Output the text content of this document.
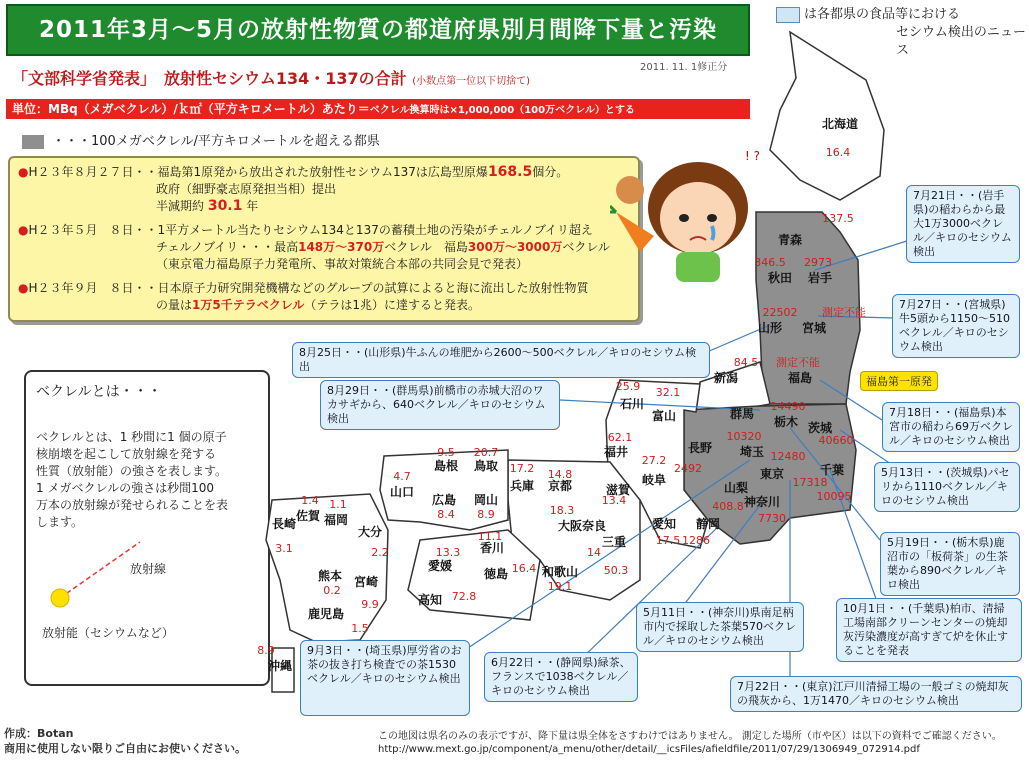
2011年3月〜5月の放射性物質の都道府県別月間降下量と汚染
は各都県の食品等における
セシウム検出のニュース
2011. 11. 1修正分
「文部科学省発表」　放射性セシウム134・137の合計 (小数点第一位以下切捨て)
単位：MBq（メガベクレル）/ｋ㎡（平方キロメートル）あたり＝ベクレル換算時は×1,000,000（100万ベクレル）とする
・・・100メガベクレル/平方キロメートルを超える都県
●H２３年８月２７日・・福島第1原発から放出された放射性セシウム137は広島型原爆168.5個分。
政府（細野豪志原発担当相）提出
半減期約 30.1 年
●H２３年５月　８日・・1平方メートル当たりセシウム134と137の蓄積土地の汚染がチェルノブイリ超え
チェルノブイリ・・・最高148万〜370万ベクレル　福島300万〜3000万ベクレル
（東京電力福島原子力発電所、事故対策統合本部の共同会見で発表）
●H２３年９月　８日・・日本原子力研究開発機構などのグループの試算によると海に流出した放射性物質
の量は1万5千テラベクレル（テラは1兆）に達すると発表。
! ?
ベクレルとは・・・
ベクレルとは、1 秒間に1 個の原子
核崩壊を起こして放射線を発する
性質（放射能）の強さを表します。
1 メガベクレルの強さは秒間100
万本の放射線が発せられることを表
します。
放射線
放射能（セシウムなど）
北海道
16.4
青森
137.5
秋田
346.5
岩手
2973
山形
22502
宮城
測定不能
新潟
84.5
福島
測定不能
石川
25.9
富山
32.1
群馬
10320
栃木
14490
茨城
40660
福井
62.1
長野
2492
埼玉 12480
東京
17318
千葉
10095
山梨
408.8 神奈川
7730
岐阜
27.2
静岡
1286
愛知
17.5
三重
50.3
滋賀
13.4
京都
14.8
奈良
14
大阪
18.3
和歌山
19.1
兵庫
17.2
鳥取
20.7
岡山
8.9
島根
9.5
広島
8.4
山口
4.7
香川
11.1
徳島 16.4
愛媛
13.3
高知 72.8
福岡
1.1
佐賀
1.4
長崎
3.1
大分
2.2
熊本
0.2
宮崎
9.9
鹿児島
1.5
沖縄
8.9
福島第一原発
7月21日・・(岩手県)の稲わらから最大1万3000ベクレル／キロのセシウム検出
7月27日・・(宮城県)牛5頭から1150〜510ベクレル／キロのセシウム検出
8月25日・・(山形県)牛ふんの堆肥から2600〜500ベクレル／キロのセシウム検出
8月29日・・(群馬県)前橋市の赤城大沼のワカサギから、640ベクレル／キロのセシウム検出	7月18日・・(福島県)本宮市の稲わら69万ベクレル／キロのセシウム検出
5月13日・・(茨城県)パセリから1110ベクレル／キロのセシウム検出
5月19日・・(栃木県)鹿沼市の「板荷茶」の生茶葉から890ベクレル／キロ検出
10月1日・・(千葉県)柏市、清掃工場南部クリーンセンターの焼却灰汚染濃度が高すぎて炉を休止することを発表
5月11日・・(神奈川)県南足柄市内で採取した茶葉570ベクレル／キロのセシウム検出
6月22日・・(静岡県)緑茶、フランスで1038ベクレル／キロのセシウム検出
9月3日・・(埼玉県)厚労省のお茶の抜き打ち検査での茶1530ベクレル／キロのセシウム検出
7月22日・・(東京)江戸川清掃工場の一般ゴミの焼却灰の飛灰から、1万1470／キロのセシウム検出
作成：Botan
商用に使用しない限りご自由にお使いください。
この地図は県名のみの表示ですが、降下量は県全体をさすわけではありません。 測定した場所（市や区）は以下の資料でご確認ください。
http://www.mext.go.jp/component/a_menu/other/detail/__icsFiles/afieldfile/2011/07/29/1306949_072914.pdf
